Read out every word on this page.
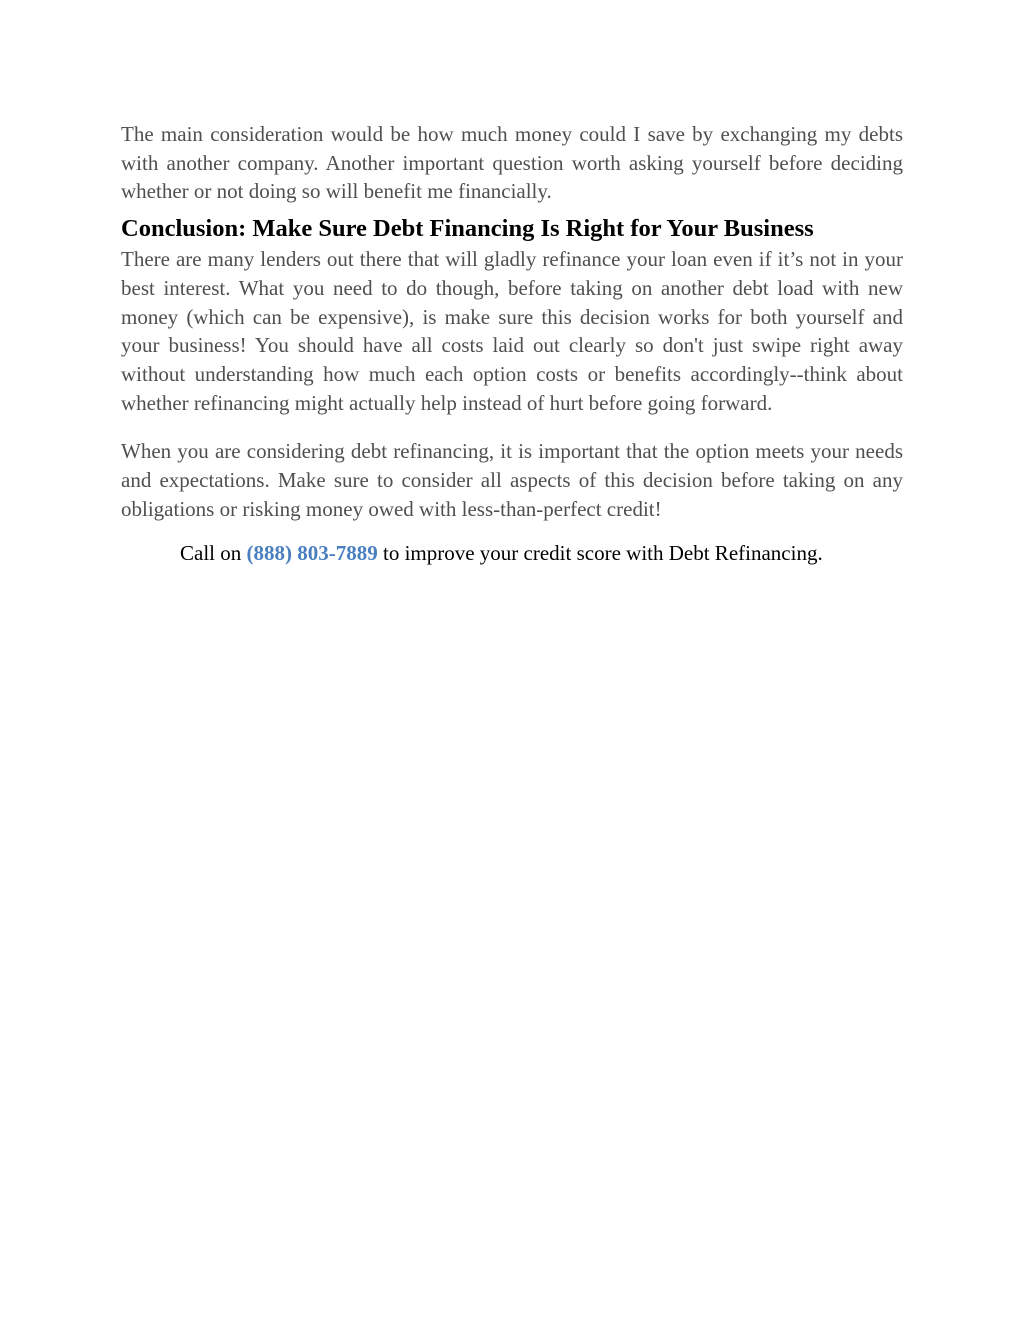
The main consideration would be how much money could I save by exchanging my debts with another company. Another important question worth asking yourself before deciding whether or not doing so will benefit me financially.

Conclusion: Make Sure Debt Financing Is Right for Your Business

There are many lenders out there that will gladly refinance your loan even if it’s not in your best interest. What you need to do though, before taking on another debt load with new money (which can be expensive), is make sure this decision works for both yourself and your business! You should have all costs laid out clearly so don't just swipe right away without understanding how much each option costs or benefits accordingly--think about whether refinancing might actually help instead of hurt before going forward.

When you are considering debt refinancing, it is important that the option meets your needs and expectations. Make sure to consider all aspects of this decision before taking on any obligations or risking money owed with less-than-perfect credit!

Call on (888) 803-7889 to improve your credit score with Debt Refinancing.
